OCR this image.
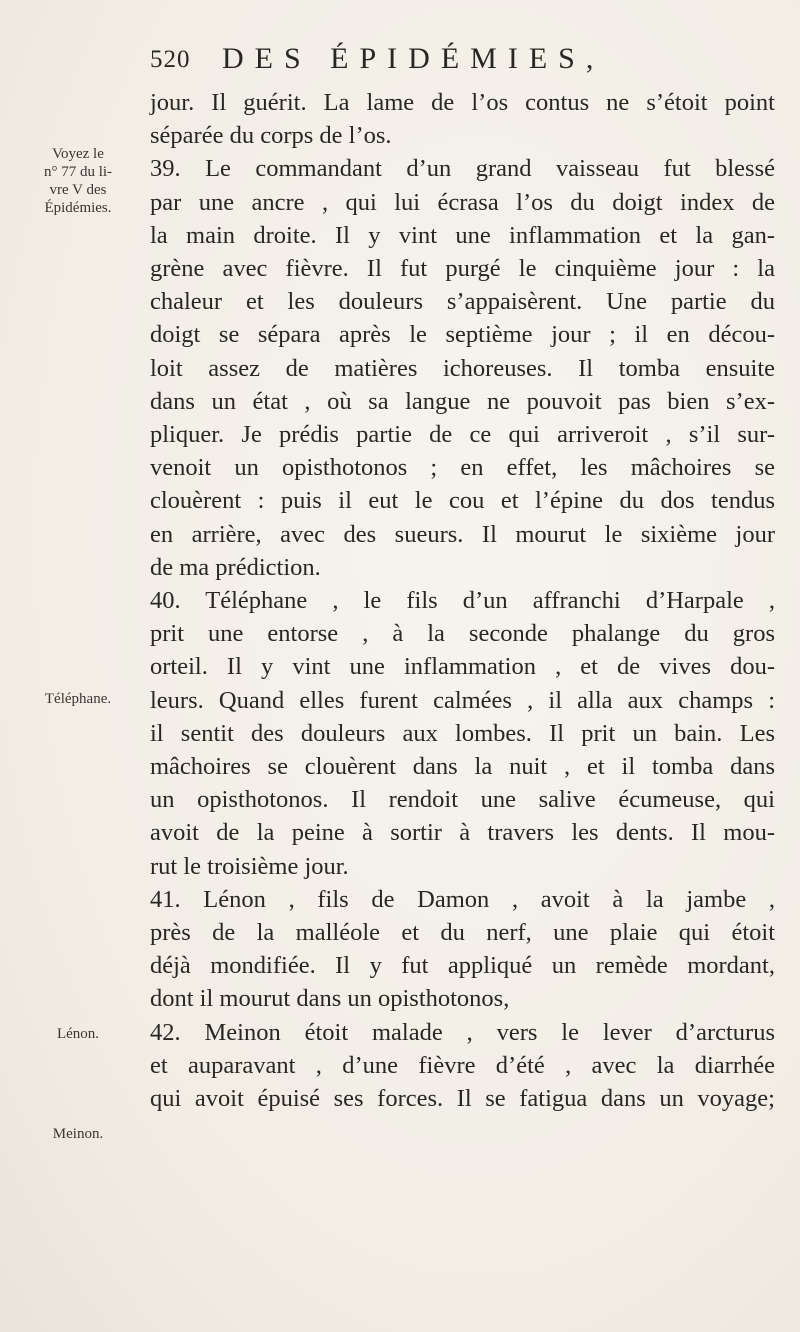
520 DES ÉPIDÉMIES,
Voyez le
n° 77 du li-
vre V des
Épidémies.
Téléphane.
Lénon.
Meinon.
jour. Il guérit. La lame de l’os contus ne s’étoit point
séparée du corps de l’os.
39. Le commandant d’un grand vaisseau fut blessé
par une ancre , qui lui écrasa l’os du doigt index de
la main droite. Il y vint une inflammation et la gan-
grène avec fièvre. Il fut purgé le cinquième jour : la
chaleur et les douleurs s’appaisèrent. Une partie du
doigt se sépara après le septième jour ; il en décou-
loit assez de matières ichoreuses. Il tomba ensuite
dans un état , où sa langue ne pouvoit pas bien s’ex-
pliquer. Je prédis partie de ce qui arriveroit , s’il sur-
venoit un opisthotonos ; en effet, les mâchoires se
clouèrent : puis il eut le cou et l’épine du dos tendus
en arrière, avec des sueurs. Il mourut le sixième jour
de ma prédiction.
40. Téléphane , le fils d’un affranchi d’Harpale ,
prit une entorse , à la seconde phalange du gros
orteil. Il y vint une inflammation , et de vives dou-
leurs. Quand elles furent calmées , il alla aux champs :
il sentit des douleurs aux lombes. Il prit un bain. Les
mâchoires se clouèrent dans la nuit , et il tomba dans
un opisthotonos. Il rendoit une salive écumeuse, qui
avoit de la peine à sortir à travers les dents. Il mou-
rut le troisième jour.
41. Lénon , fils de Damon , avoit à la jambe ,
près de la malléole et du nerf, une plaie qui étoit
déjà mondifiée. Il y fut appliqué un remède mordant,
dont il mourut dans un opisthotonos,
42. Meinon étoit malade , vers le lever d’arcturus
et auparavant , d’une fièvre d’été , avec la diarrhée
qui avoit épuisé ses forces. Il se fatigua dans un voyage;
